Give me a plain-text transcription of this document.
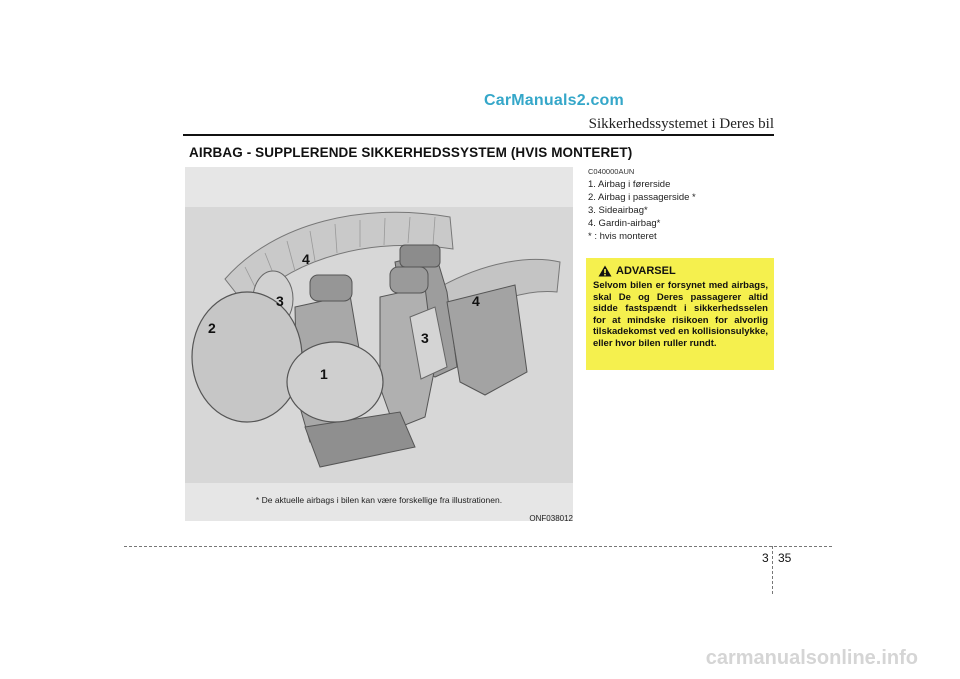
CarManuals2.com
Sikkerhedssystemet i Deres bil
AIRBAG - SUPPLERENDE SIKKERHEDSSYSTEM (HVIS MONTERET)
4
3
2
1
4
3
* De aktuelle airbags i bilen kan være forskellige fra illustrationen.
ONF038012
C040000AUN
1. Airbag i førerside
2. Airbag i passagerside *
3. Sideairbag*
4. Gardin-airbag*
* : hvis monteret
ADVARSEL
Selvom bilen er forsynet med airbags, skal De og Deres passagerer altid sidde fastspændt i sikkerhedsselen for at mindske risikoen for alvorlig tilskadekomst ved en kollisionsulykke, eller hvor bilen ruller rundt.
3 35
carmanualsonline.info
